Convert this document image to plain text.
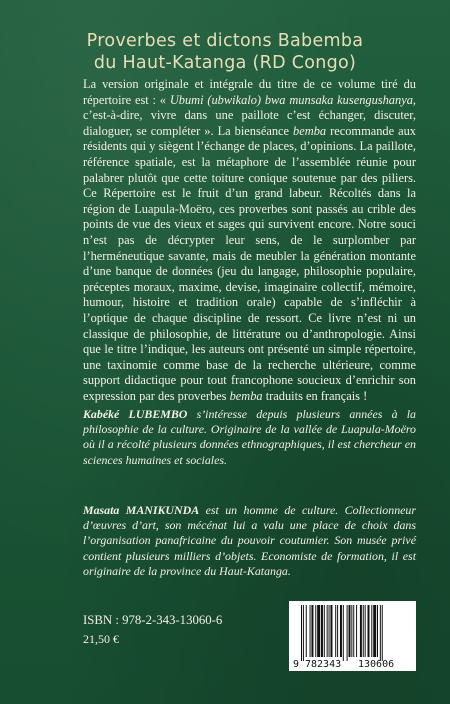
Proverbes et dictons Babemba
du Haut-Katanga (RD Congo)

La version originale et intégrale du titre de ce volume tiré du répertoire est : « Ubumi (ubwikalo) bwa munsaka kusengushanya, c’est-à-dire, vivre dans une paillote c’est échanger, discuter, dialoguer, se compléter ». La bienséance bemba recommande aux résidents qui y siègent l’échange de places, d’opinions. La paillote, référence spatiale, est la métaphore de l’assemblée réunie pour palabrer plutôt que cette toiture conique soutenue par des piliers. Ce Répertoire est le fruit d’un grand labeur. Récoltés dans la région de Luapula-Moëro, ces proverbes sont passés au crible des points de vue des vieux et sages qui survivent encore. Notre souci n’est pas de décrypter leur sens, de le surplomber par l’herméneutique savante, mais de meubler la génération montante d’une banque de données (jeu du langage, philosophie populaire, préceptes moraux, maxime, devise, imaginaire collectif, mémoire, humour, histoire et tradition orale) capable de s’infléchir à l’optique de chaque discipline de ressort. Ce livre n’est ni un classique de philosophie, de littérature ou d’anthropologie. Ainsi que le titre l’indique, les auteurs ont présenté un simple répertoire, une taxinomie comme base de la recherche ultérieure, comme support didactique pour tout francophone soucieux d’enrichir son expression par des proverbes bemba traduits en français !

Kabéké LUBEMBO s’intéresse depuis plusieurs années à la philosophie de la culture. Originaire de la vallée de Luapula-Moëro où il a récolté plusieurs données ethnographiques, il est chercheur en sciences humaines et sociales.

Masata MANIKUNDA est un homme de culture. Collectionneur d’œuvres d’art, son mécénat lui a valu une place de choix dans l’organisation panafricaine du pouvoir coutumier. Son musée privé contient plusieurs milliers d’objets. Economiste de formation, il est originaire de la province du Haut-Katanga.

ISBN : 978-2-343-13060-6
21,50 €
9 782343 130606
